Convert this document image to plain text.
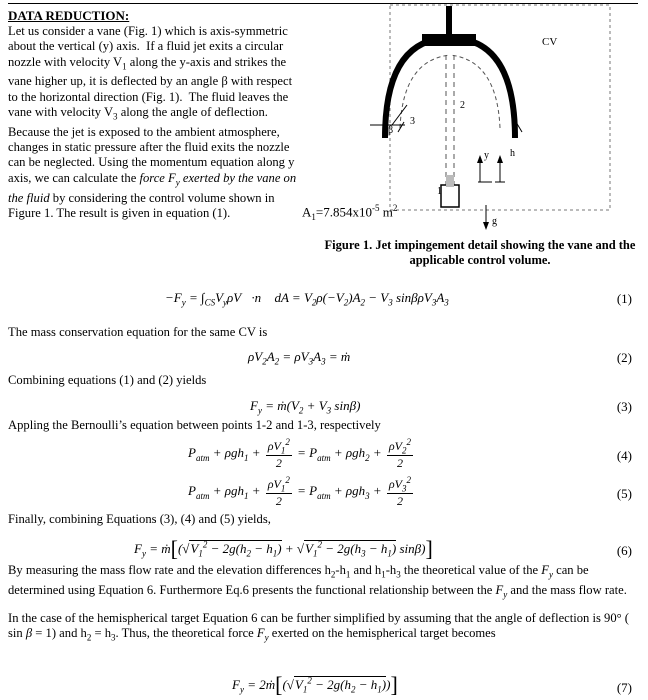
DATA REDUCTION:
Let us consider a vane (Fig. 1) which is axis-symmetric about the vertical (y) axis.  If a fluid jet exits a circular nozzle with velocity $V_1$ along the y-axis and strikes the vane higher up, it is deflected by an angle β with respect to the horizontal direction (Fig. 1).  The fluid leaves the vane with velocity $V_3$ along the angle of deflection.  Because the jet is exposed to the ambient atmosphere, changes in static pressure after the fluid exits the nozzle can be neglected. Using the momentum equation along y axis, we can calculate the force $F_y$ exerted by the vane on the fluid by considering the control volume shown in Figure 1. The result is given in equation (1).
CV
1
2
3
β
y h
g
$A_1=7.854x10^{-5}$ $m^2$
Figure 1. Jet impingement detail showing the vane and the applicable control volume.
$-F_y$ = $\int_{CS}V_y\rho V⃗\cdot n⃗$ dA = $V_2\rho(-V_2)A_2 - V_3$ $\sin\beta\rho V_3A_3$	(1)
The mass conservation equation for the same CV is
$\rho V_2A_2 = \rho V_3A_3$ = ṁ	(2)
Combining equations (1) and (2) yields
$F_y$ = $ṁ(V_2 + V_3$ sinβ)	(3)
Appling the Bernoulli’s equation between points 1-2 and 1-3, respectively
$P_{atm} + \rho gh_1 + \frac{\rho V_1^2}{2} = P_{atm} + \rho gh_2 + \frac{\rho V_2^2}{2}$	(4)
$P_{atm} + \rho gh_1 + \frac{\rho V_1^2}{2} = P_{atm} + \rho gh_3 + \frac{\rho V_3^2}{2}$	(5)
Finally, combining Equations (3), (4) and (5) yields,
$F_y$ = $ṁ[(√V_1^2 - 2g(h_2 - h_1) + √V_1^2 - 2g(h_3 - h_1)$ sinβ)]	(6)
By measuring the mass flow rate and the elevation differences $h_2-h_1$ and $h_1-h_3$ the theoretical value of the $F_y$ can be determined using Equation 6. Furthermore Eq.6 presents the functional relationship between the $F_y$ and the mass flow rate.
In the case of the hemispherical target Equation 6 can be further simplified by assuming that the angle of deflection is 90° ( sin β = 1) and $h_2 = h_3$. Thus, the theoretical force $F_y$ exerted on the hemispherical target becomes
$F_y$ = $2ṁ[(√V_1^2 - 2g(h_2 - h_1))]$	(7)
